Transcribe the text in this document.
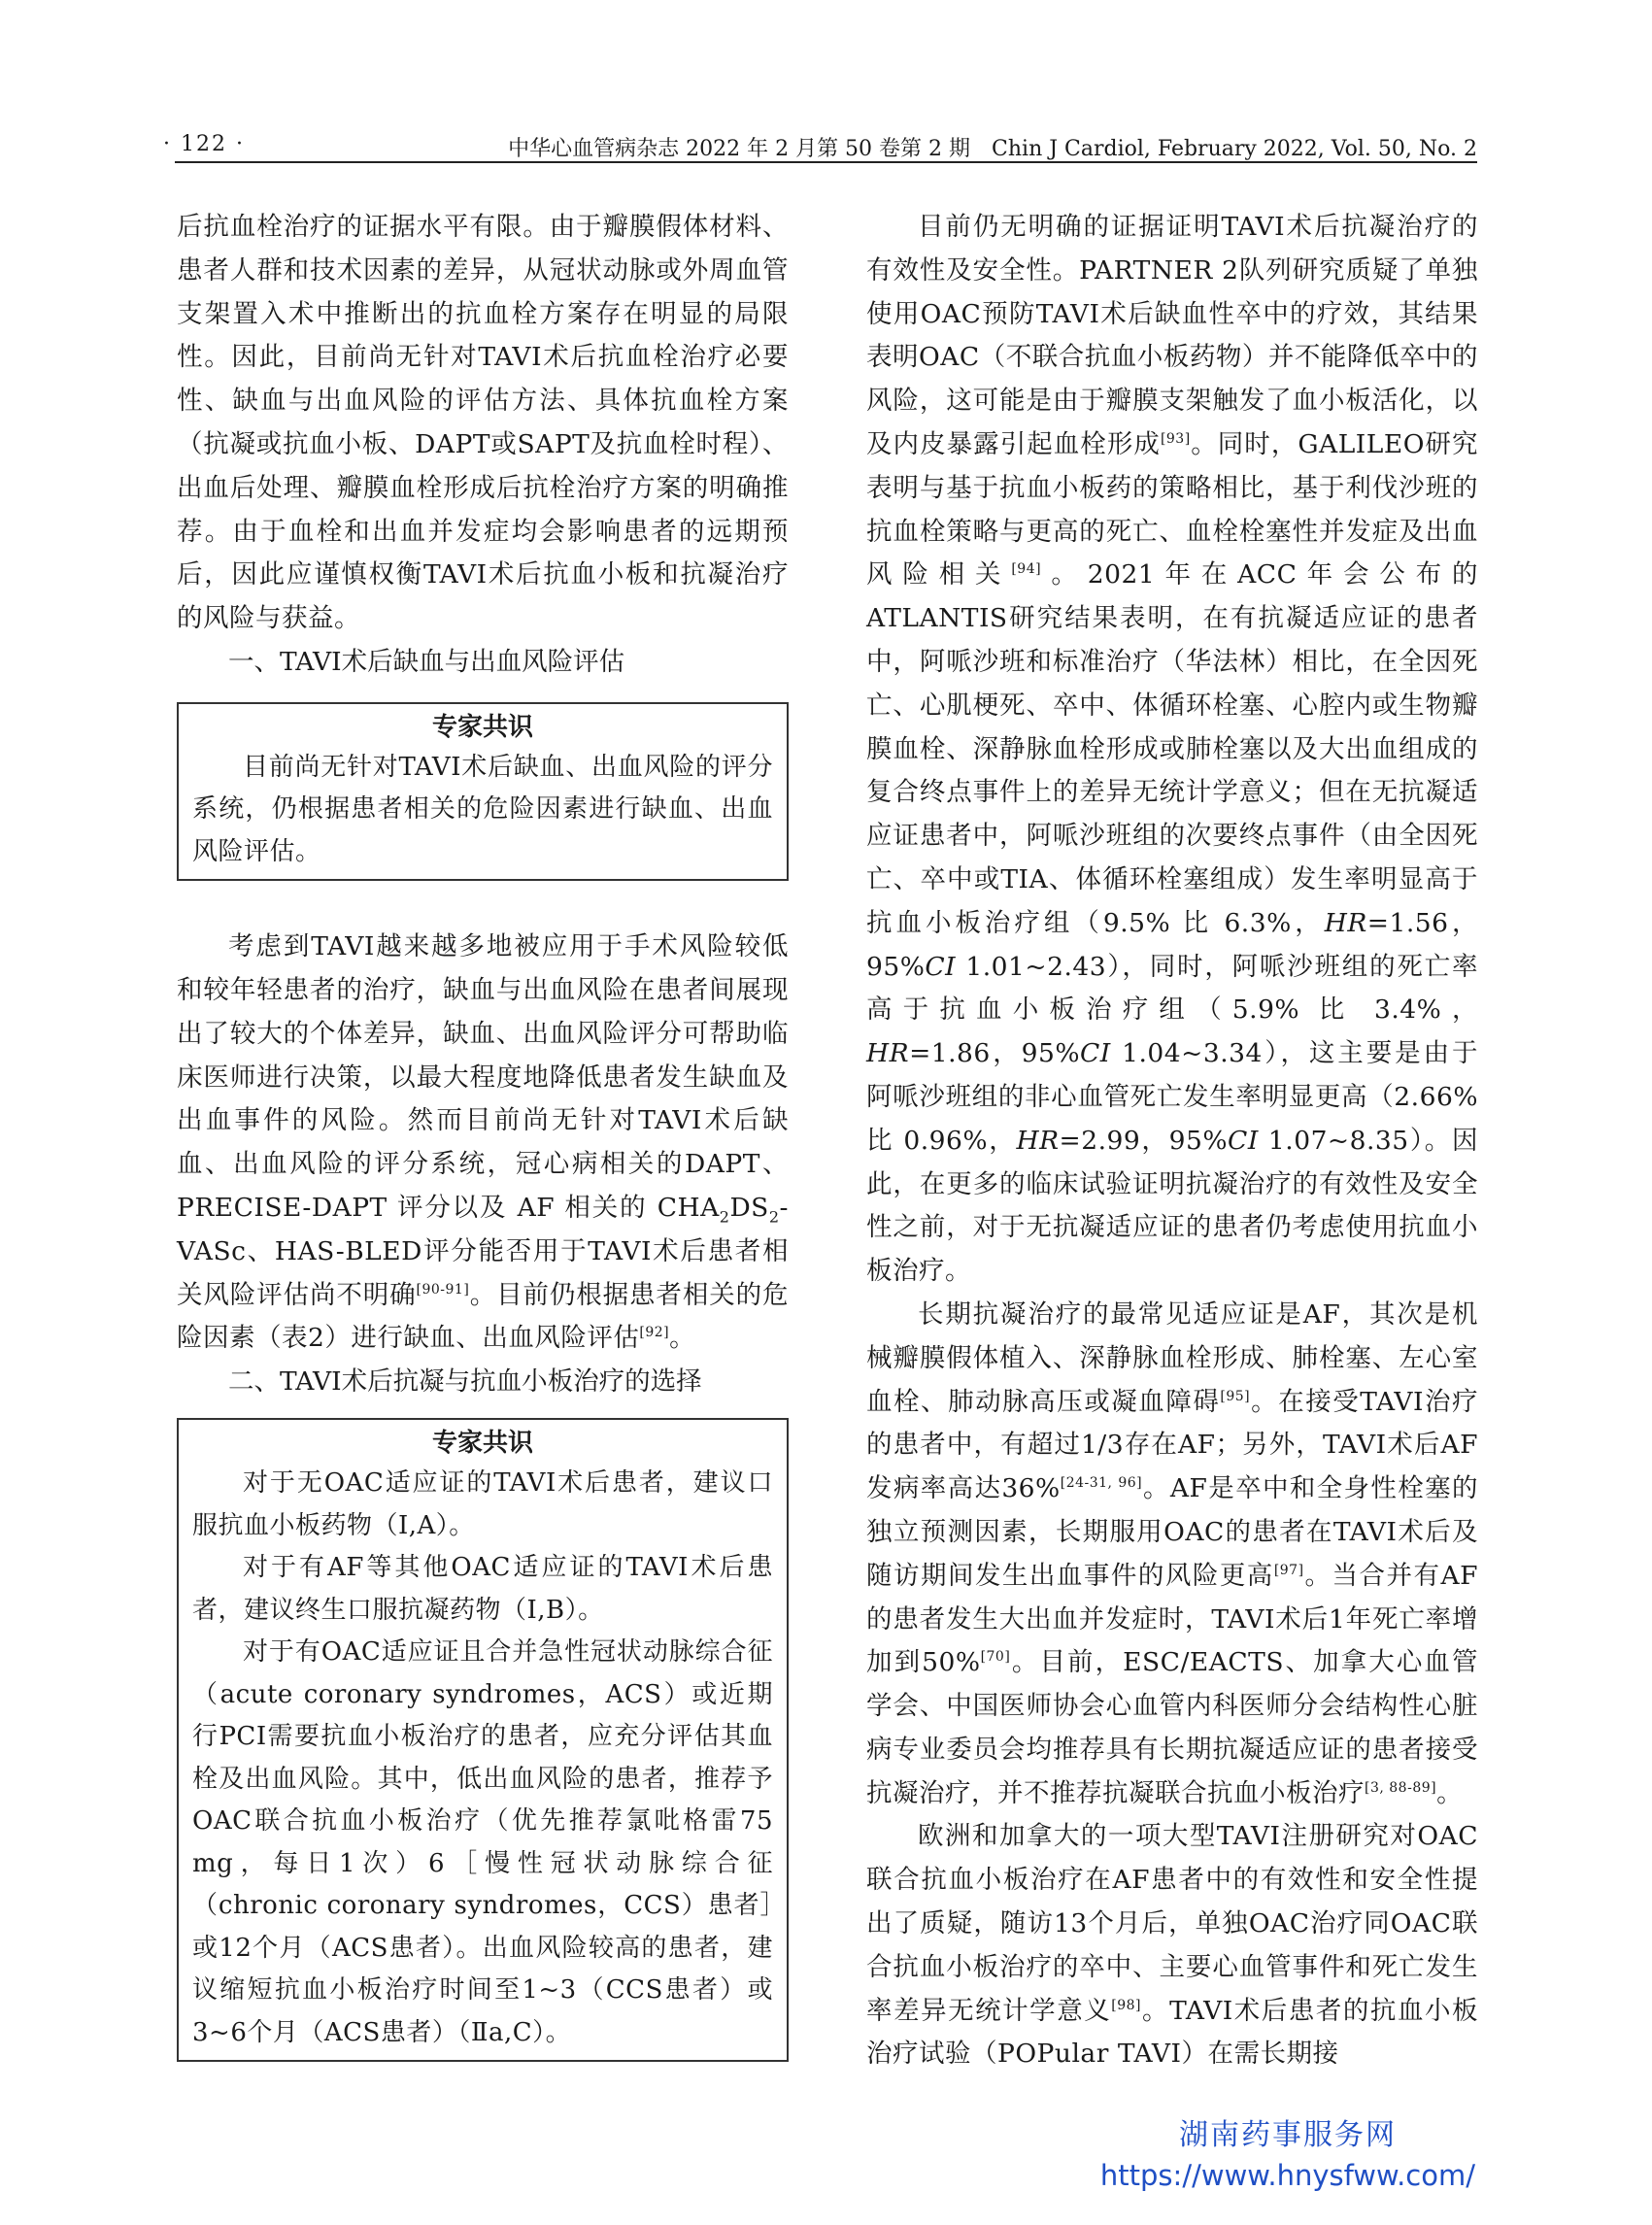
· 122 ·	中华心血管病杂志 2022 年 2 月第 50 卷第 2 期　Chin J Cardiol, February 2022, Vol. 50, No. 2

后抗血栓治疗的证据水平有限。由于瓣膜假体材料、患者人群和技术因素的差异，从冠状动脉或外周血管支架置入术中推断出的抗血栓方案存在明显的局限性。因此，目前尚无针对TAVI术后抗血栓治疗必要性、缺血与出血风险的评估方法、具体抗血栓方案（抗凝或抗血小板、DAPT或SAPT及抗血栓时程）、出血后处理、瓣膜血栓形成后抗栓治疗方案的明确推荐。由于血栓和出血并发症均会影响患者的远期预后，因此应谨慎权衡TAVI术后抗血小板和抗凝治疗的风险与获益。

一、TAVI术后缺血与出血风险评估

专家共识

目前尚无针对TAVI术后缺血、出血风险的评分系统，仍根据患者相关的危险因素进行缺血、出血风险评估。

考虑到TAVI越来越多地被应用于手术风险较低和较年轻患者的治疗，缺血与出血风险在患者间展现出了较大的个体差异，缺血、出血风险评分可帮助临床医师进行决策，以最大程度地降低患者发生缺血及出血事件的风险。然而目前尚无针对TAVI术后缺血、出血风险的评分系统，冠心病相关的DAPT、PRECISE-DAPT 评分以及 AF 相关的 $CHA_2DS_2$-VASc、HAS-BLED评分能否用于TAVI术后患者相关风险评估尚不明确[90-91]。目前仍根据患者相关的危险因素（表2）进行缺血、出血风险评估[92]。

二、TAVI术后抗凝与抗血小板治疗的选择

专家共识

对于无OAC适应证的TAVI术后患者，建议口服抗血小板药物（Ⅰ,A）。

对于有AF等其他OAC适应证的TAVI术后患者，建议终生口服抗凝药物（Ⅰ,B）。

对于有OAC适应证且合并急性冠状动脉综合征（acute coronary syndromes，ACS）或近期行PCI需要抗血小板治疗的患者，应充分评估其血栓及出血风险。其中，低出血风险的患者，推荐予OAC联合抗血小板治疗（优先推荐氯吡格雷75 mg，每日1次）6［慢性冠状动脉综合征（chronic coronary syndromes，CCS）患者］或12个月（ACS患者）。出血风险较高的患者，建议缩短抗血小板治疗时间至1~3（CCS患者）或3~6个月（ACS患者）（Ⅱa,C）。

目前仍无明确的证据证明TAVI术后抗凝治疗的有效性及安全性。PARTNER 2队列研究质疑了单独使用OAC预防TAVI术后缺血性卒中的疗效，其结果表明OAC（不联合抗血小板药物）并不能降低卒中的风险，这可能是由于瓣膜支架触发了血小板活化，以及内皮暴露引起血栓形成[93]。同时，GALILEO研究表明与基于抗血小板药的策略相比，基于利伐沙班的抗血栓策略与更高的死亡、血栓栓塞性并发症及出血风险相关[94]。2021年在ACC年会公布的ATLANTIS研究结果表明，在有抗凝适应证的患者中，阿哌沙班和标准治疗（华法林）相比，在全因死亡、心肌梗死、卒中、体循环栓塞、心腔内或生物瓣膜血栓、深静脉血栓形成或肺栓塞以及大出血组成的复合终点事件上的差异无统计学意义；但在无抗凝适应证患者中，阿哌沙班组的次要终点事件（由全因死亡、卒中或TIA、体循环栓塞组成）发生率明显高于抗血小板治疗组（9.5% 比 6.3%，HR=1.56，95%CI 1.01~2.43），同时，阿哌沙班组的死亡率高于抗血小板治疗组（5.9% 比 3.4%，HR=1.86，95%CI 1.04~3.34），这主要是由于阿哌沙班组的非心血管死亡发生率明显更高（2.66% 比 0.96%，HR=2.99，95%CI 1.07~8.35）。因此，在更多的临床试验证明抗凝治疗的有效性及安全性之前，对于无抗凝适应证的患者仍考虑使用抗血小板治疗。

长期抗凝治疗的最常见适应证是AF，其次是机械瓣膜假体植入、深静脉血栓形成、肺栓塞、左心室血栓、肺动脉高压或凝血障碍[95]。在接受TAVI治疗的患者中，有超过1/3存在AF；另外，TAVI术后AF发病率高达36%[24-31, 96]。AF是卒中和全身性栓塞的独立预测因素，长期服用OAC的患者在TAVI术后及随访期间发生出血事件的风险更高[97]。当合并有AF的患者发生大出血并发症时，TAVI术后1年死亡率增加到50%[70]。目前，ESC/EACTS、加拿大心血管学会、中国医师协会心血管内科医师分会结构性心脏病专业委员会均推荐具有长期抗凝适应证的患者接受抗凝治疗，并不推荐抗凝联合抗血小板治疗[3, 88-89]。

欧洲和加拿大的一项大型TAVI注册研究对OAC联合抗血小板治疗在AF患者中的有效性和安全性提出了质疑，随访13个月后，单独OAC治疗同OAC联合抗血小板治疗的卒中、主要心血管事件和死亡发生率差异无统计学意义[98]。TAVI术后患者的抗血小板治疗试验（POPular TAVI）在需长期接

湖南药事服务网
https://www.hnysfww.com/
